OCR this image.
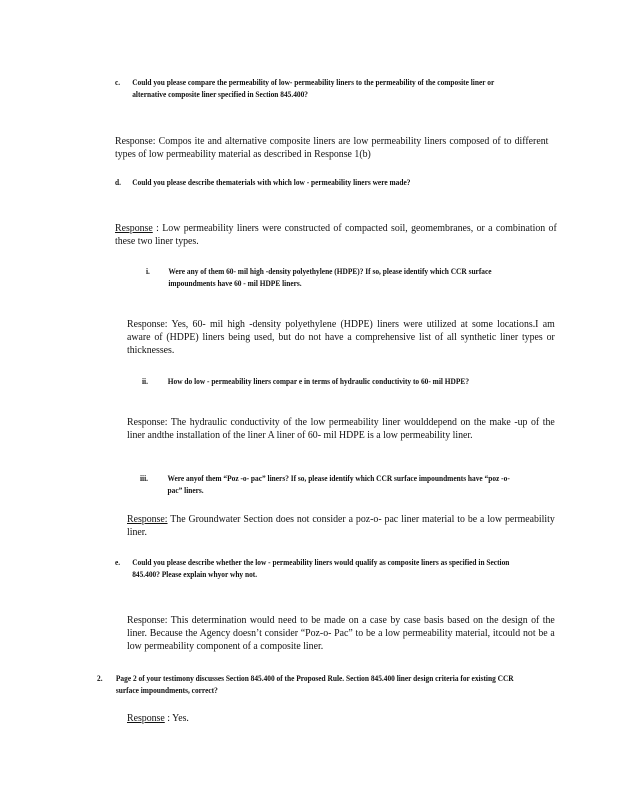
c. Could you please compare the permeability of low- permeability liners to the permeability of the composite liner or alternative composite liner specified in Section 845.400?
Response: Compos ite and alternative composite liners are low permeability liners composed of to different types of low permeability material as described in Response 1(b)
d. Could you please describe thematerials with which low - permeability liners were made?
Response : Low permeability liners were constructed of compacted soil, geomembranes, or a combination of these two liner types.
i. Were any of them 60- mil high -density polyethylene (HDPE)? If so, please identify which CCR surface impoundments have 60 - mil HDPE liners.
Response: Yes, 60- mil high -density polyethylene (HDPE) liners were utilized at some locations.I am aware of (HDPE) liners being used, but do not have a comprehensive list of all synthetic liner types or thicknesses.
ii. How do low - permeability liners compar e in terms of hydraulic conductivity to 60- mil HDPE?
Response: The hydraulic conductivity of the low permeability liner woulddepend on the make -up of the liner andthe installation of the liner A liner of 60- mil HDPE is a low permeability liner.
iii. Were anyof them “Poz -o- pac” liners? If so, please identify which CCR surface impoundments have “poz -o- pac” liners.
Response: The Groundwater Section does not consider a poz-o- pac liner material to be a low permeability liner.
e. Could you please describe whether the low - permeability liners would qualify as composite liners as specified in Section 845.400? Please explain whyor why not.
Response: This determination would need to be made on a case by case basis based on the design of the liner. Because the Agency doesn’t consider “Poz-o- Pac” to be a low permeability material, itcould not be a low permeability component of a composite liner.
2. Page 2 of your testimony discusses Section 845.400 of the Proposed Rule. Section 845.400 liner design criteria for existing CCR surface impoundments, correct?
Response : Yes.
